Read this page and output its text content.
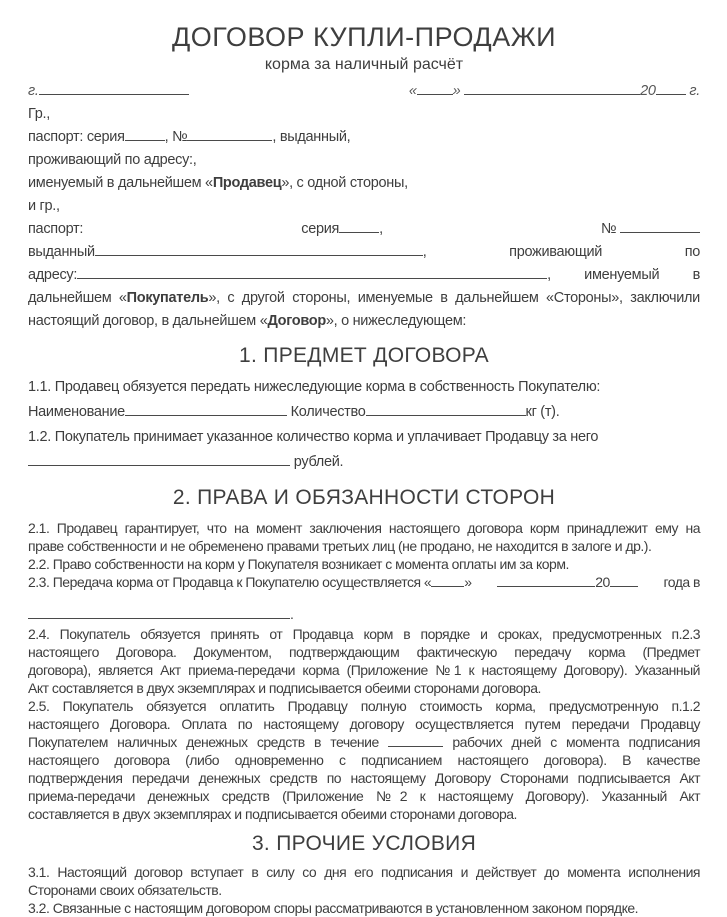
ДОГОВОР КУПЛИ-ПРОДАЖИ
корма за наличный расчёт
г.	« »
	20 г.
Гр. ,
паспорт: серия	, №	, выданный ,
проживающий по адресу: ,
именуемый в дальнейшем « Продавец », с одной стороны,
и гр. ,
паспорт:	серия	,	№
выданный	,	проживающий	по
адресу:	, именуемый в
дальнейшем «Покупатель», с другой стороны, именуемые в дальнейшем «Стороны», заключили
настоящий договор, в дальнейшем «Договор», о нижеследующем:
1. ПРЕДМЕТ ДОГОВОРА
1.1. Продавец обязуется передать нижеследующие корма в собственность Покупателю:
Наименование	Количество	кг (т).
1.2. Покупатель принимает указанное количество корма и уплачивает Продавцу за него
рублей.
2. ПРАВА И ОБЯЗАННОСТИ СТОРОН
2.1. Продавец гарантирует, что на момент заключения настоящего договора корм принадлежит ему на
праве собственности и не обременено правами третьих лиц (не продано, не находится в залоге и др.).
2.2. Право собственности на корм у Покупателя возникает с момента оплаты им за корм.
2.3. Передача корма от Продавца к Покупателю осуществляется « »	20	года в
.
2.4. Покупатель обязуется принять от Продавца корм в порядке и сроках, предусмотренных п.2.3
настоящего Договора. Документом, подтверждающим фактическую передачу корма (Предмет
договора), является Акт приема-передачи корма (Приложение №1 к настоящему Договору). Указанный
Акт составляется в двух экземплярах и подписывается обеими сторонами договора.
2.5. Покупатель обязуется оплатить Продавцу полную стоимость корма, предусмотренную п.1.2
настоящего Договора. Оплата по настоящему договору осуществляется путем передачи Продавцу
Покупателем наличных денежных средств в течение	рабочих дней с момента подписания
настоящего договора (либо одновременно с подписанием настоящего договора). В качестве
подтверждения передачи денежных средств по настоящему Договору Сторонами подписывается Акт
приема-передачи денежных средств (Приложение №2 к настоящему Договору). Указанный Акт
составляется в двух экземплярах и подписывается обеими сторонами договора.
3. ПРОЧИЕ УСЛОВИЯ
3.1. Настоящий договор вступает в силу со дня его подписания и действует до момента исполнения
Сторонами своих обязательств.
3.2. Связанные с настоящим договором споры рассматриваются в установленном законом порядке.
